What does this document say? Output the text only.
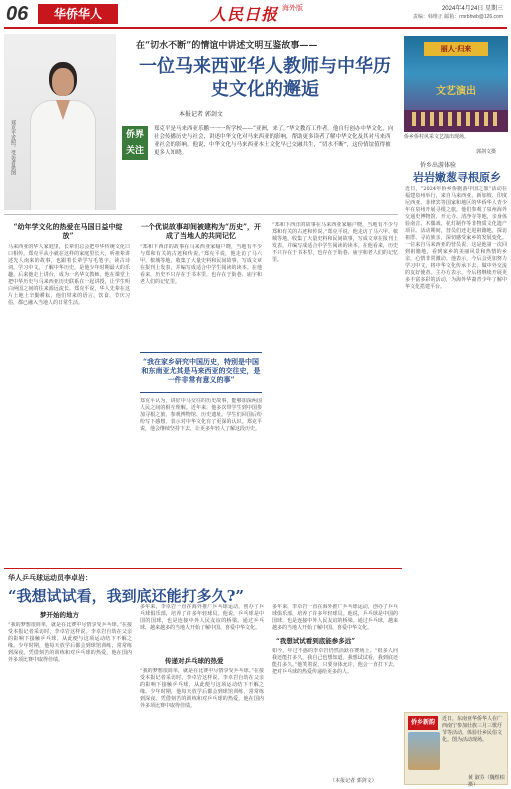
06	华侨华人	人民日报 海外版	2024年4月24日 星期三
责编：韩维正 邮箱：rmrbhwb@126.com
郑克平近照。受访者供图
在“切水不断”的情谊中讲述文明互鉴故事——
一位马来西亚华人教师与中华历史文化的邂逅
本报记者 郭剑文
侨界关注

郑克平是马来西亚乐鹏一一一所学校——“亚洲，来了。”华文教育工作者。他自行创办中华文化，向社会传播历史与社会，讲述中华文化对马来西亚的影响，帮助更多读者了解中华文化及其对马来西亚社会的影响。他说，中华文化与马来西亚本土文化早已交融共生，“切水不断”，这份情谊值得被更多人知晓。

“幼年学文化的热爱在马国日益中绽放”

马来西亚的华人家庭里，长辈们总会把中华传统文化口口相传。郑克平从小就在这样的家庭里长大，听祖辈讲述先人南来的故事，也跟着长辈学写毛笔字、读古诗词。学习中文、了解中华历史，是他少年时期最大的乐趣。后来他走上讲台，成为一名华文教师。他在课堂上把中华历史与马来西亚历史联系在一起讲授，让学生明白两国之间的往来源远流长。郑克平说，华人先辈在这片土地上辛勤耕耘，他们带来的语言、饮食、节庆习俗，都已融入当地人的日常生活。

一个优说故事却间被建构为“历史”，开成了当地人的共同记忆

“郑和下西洋的故事在马来西亚家喻户晓，当地有不少与郑和有关的古迹和传说。”郑克平说，他走访了马六甲、槟城等地，收集了大量史料和民间故事，写成文章在报刊上发表，并编写成适合中学生阅读的读本。在他看来，历史不只存在于书本里，也存在于街巷、庙宇和老人们的记忆里。

“我在家乡研究中国历史，特别是中国和东南亚尤其是马来西亚的交往史，是一件非常有意义的事”

郑克平认为，讲好中马交往的历史故事，能够加深两国人民之间的相互理解。近年来，他多次带学生到中国参加寻根之旅，参观博物馆、历史遗址。学生们回国后纷纷写下感想，表示对中华文化有了更深的认识。郑克平说，他会继续坚持下去，让更多年轻人了解这段历史。

“郑和下西洋的故事在马来西亚家喻户晓，当地有不少与郑和有关的古迹和传说。”郑克平说，他走访了马六甲、槟城等地，收集了大量史料和民间故事，写成文章在报刊上发表，并编写成适合中学生阅读的读本。在他看来，历史不只存在于书本里，也存在于街巷、庙宇和老人们的记忆里。

丽人·归来
文艺演出
侨乡侨村风采文艺演出现场。
郭剑文摄
侨乡出游体验
岩岩嫩葱寻根原乡

近日，“2024年侨乡侨胞游中国之旅”活动在福建泉州举行，来自马来西亚、新加坡、印度尼西亚、菲律宾等国家和地区的华侨华人青少年在泉州开展寻根之旅。他们参观了泉州海外交通史博物馆、开元寺、清净寺等地，亲身体验南音、木偶戏、花灯制作等非物质文化遗产项目。活动期间，营员们还走进祖籍地，探访祖厝、寻访族亲，深切感受家乡的发展变化。一位来自马来西亚的营员说，这是他第一次回到祖籍地，看到家乡的美丽风景和热情的乡亲，心情非常激动。他表示，今后会更加努力学习中文，将中华文化传承下去，做中外交流的友好使者。主办方表示，今后将继续开展更多丰富多彩的活动，为海外华裔青少年了解中华文化搭建平台。

华人乒乓球运动员李卓岩：
“我想试试看，我到底还能打多久?”
梦开始的地方

“我的梦想很简单，就是在比赛中尽情享受乒乓球。”在接受本报记者采访时，李卓岩这样说。李卓岩自幼在父亲的影响下接触乒乓球，从此便与这项运动结下不解之缘。少年时期，他每天放学后都会到球馆训练，常常练到深夜。凭借刻苦的训练和对乒乓球的热爱，他在国内外多项比赛中取得佳绩。	传递对乒乓球的热爱

多年来，李卓岩一直在海外推广乒乓球运动，创办了乒乓球俱乐部，培养了许多年轻球员。他说，乒乓球是中国的国球，也是连接中外人民友谊的桥梁。通过乒乓球，越来越多的当地人开始了解中国、喜爱中华文化。

“我的梦想很简单，就是在比赛中尽情享受乒乓球。”在接受本报记者采访时，李卓岩这样说。李卓岩自幼在父亲的影响下接触乒乓球，从此便与这项运动结下不解之缘。少年时期，他每天放学后都会到球馆训练，常常练到深夜。凭借刻苦的训练和对乒乓球的热爱，他在国内外多项比赛中取得佳绩。

“我想试试看到底能参多远”

多年来，李卓岩一直在海外推广乒乓球运动，创办了乒乓球俱乐部，培养了许多年轻球员。他说，乒乓球是中国的国球，也是连接中外人民友谊的桥梁。通过乒乓球，越来越多的当地人开始了解中国、喜爱中华文化。

如今，年过不惑的李卓岩仍然活跃在赛场上。“很多人问我还能打多久，我自己也想知道。我想试试看，我到底还能打多久。”他笑着说，只要身体允许，他会一直打下去，把对乒乓球的热爱传递给更多的人。

（本报记者 郭剑文）
侨乡新韵	近日，东南亚华侨华人在广西南宁参加壮族三月三歌圩节等活动，体验壮乡民俗文化。图为活动现场。

黄 淑芬（魏煜柏 摄）
